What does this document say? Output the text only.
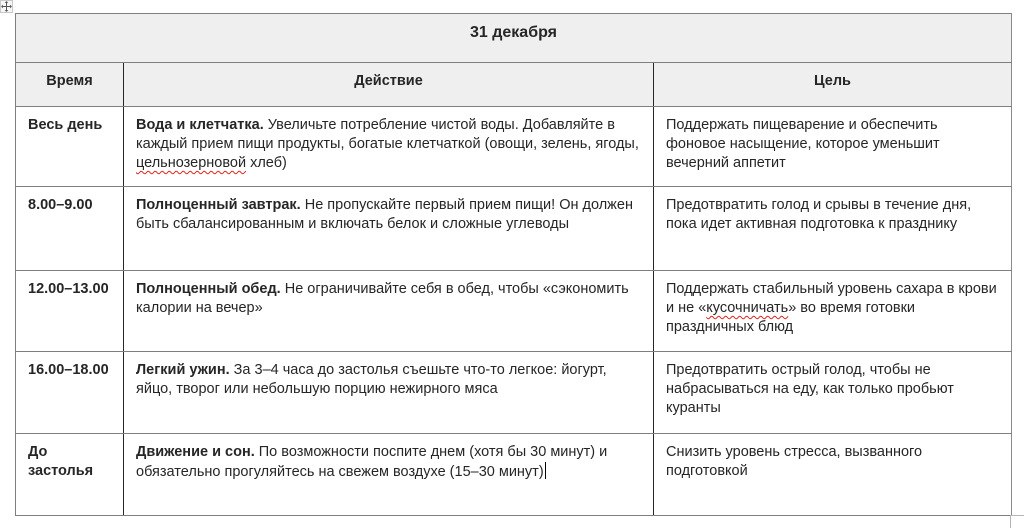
31 декабря		
Время	Действие	Цель
Весь день	Вода и клетчатка. Увеличьте потребление чистой воды. Добавляйте в каждый прием пищи продукты, богатые клетчаткой (овощи, зелень, ягоды, цельнозерновой хлеб)	Поддержать пищеварение и обеспечить фоновое насыщение, которое уменьшит вечерний аппетит
8.00–9.00	Полноценный завтрак. Не пропускайте первый прием пищи! Он должен быть сбалансированным и включать белок и сложные углеводы	Предотвратить голод и срывы в течение дня, пока идет активная подготовка к празднику
12.00–13.00	Полноценный обед. Не ограничивайте себя в обед, чтобы «сэкономить калории на вечер»	Поддержать стабильный уровень сахара в крови и не «кусочничать» во время готовки праздничных блюд
16.00–18.00	Легкий ужин. За 3–4 часа до застолья съешьте что-то легкое: йогурт, яйцо, творог или небольшую порцию нежирного мяса	Предотвратить острый голод, чтобы не набрасываться на еду, как только пробьют куранты
До застолья	Движение и сон. По возможности поспите днем (хотя бы 30 минут) и обязательно прогуляйтесь на свежем воздухе (15–30 минут)	Снизить уровень стресса, вызванного подготовкой
